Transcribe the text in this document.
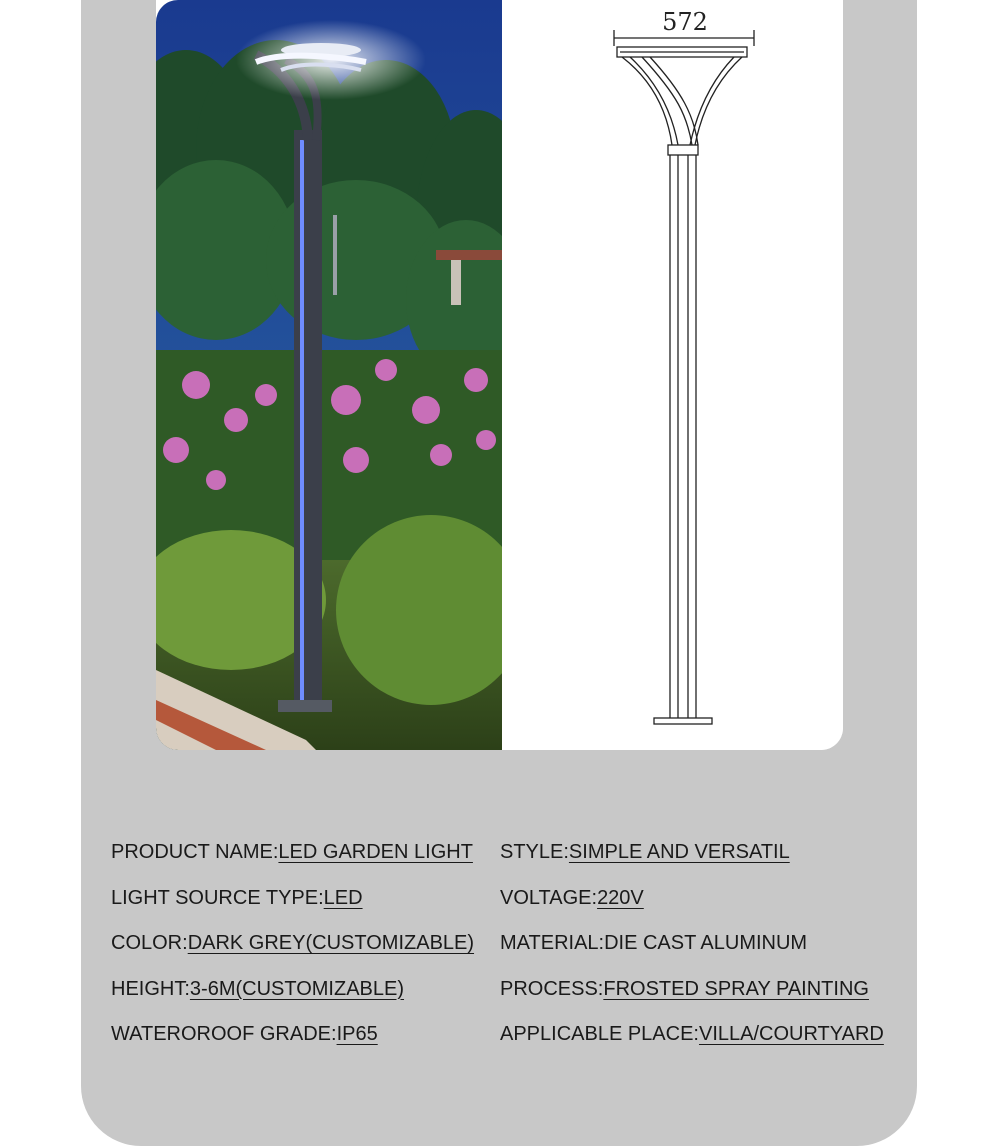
572
PRODUCT NAME:LED GARDEN LIGHT
LIGHT SOURCE TYPE:LED
COLOR:DARK GREY(CUSTOMIZABLE)
HEIGHT:3-6M(CUSTOMIZABLE)
WATEROROOF GRADE:IP65
STYLE:SIMPLE AND VERSATIL
VOLTAGE:220V
MATERIAL:DIE CAST ALUMINUM
PROCESS:FROSTED SPRAY PAINTING
APPLICABLE PLACE:VILLA/COURTYARD
